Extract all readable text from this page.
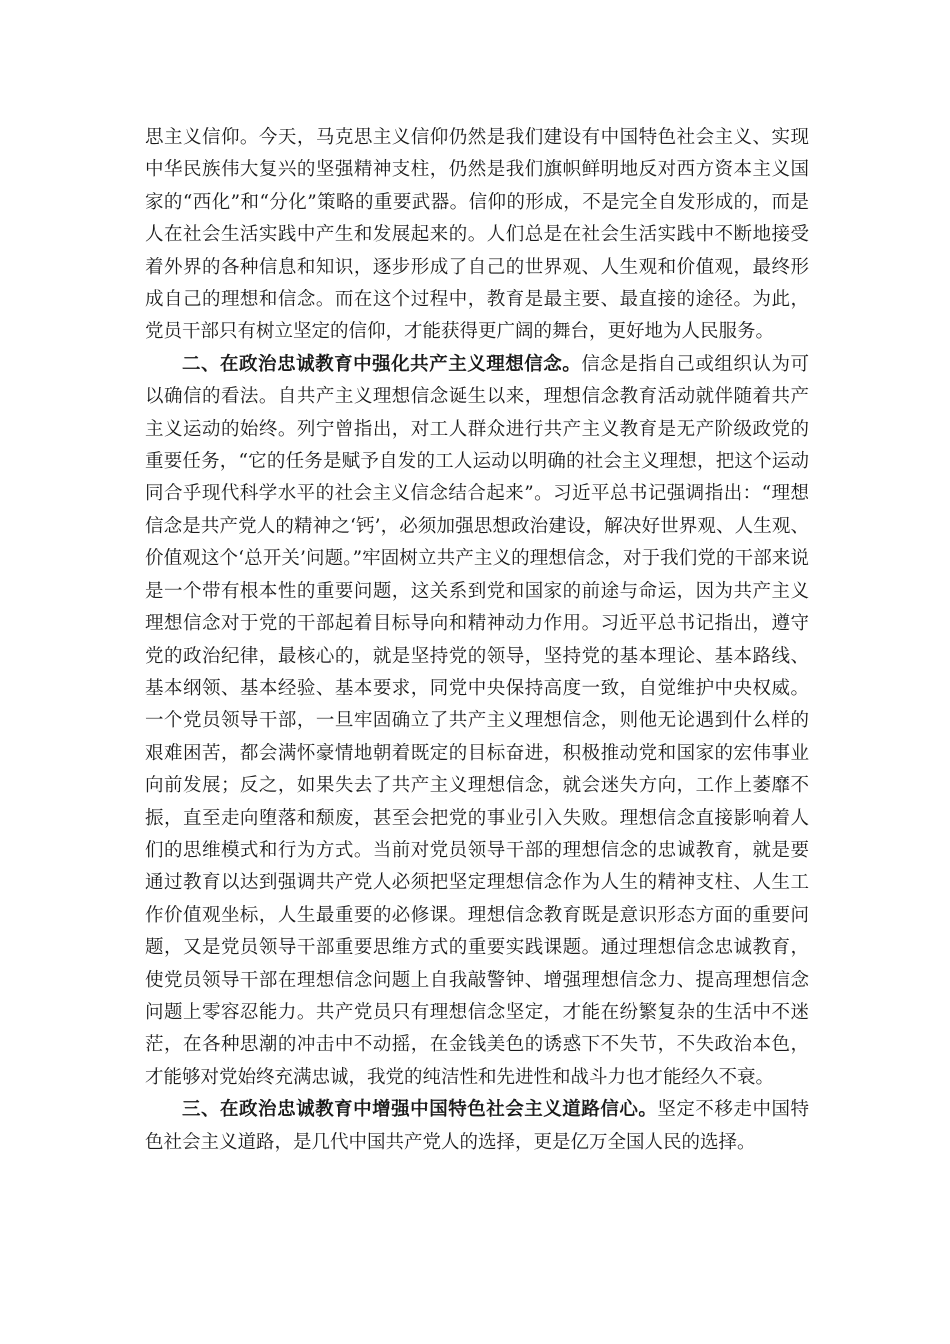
思主义信仰。今天，马克思主义信仰仍然是我们建设有中国特色社会主义、实现中华民族伟大复兴的坚强精神支柱，仍然是我们旗帜鲜明地反对西方资本主义国家的“西化”和“分化”策略的重要武器。信仰的形成，不是完全自发形成的，而是人在社会生活实践中产生和发展起来的。人们总是在社会生活实践中不断地接受着外界的各种信息和知识，逐步形成了自己的世界观、人生观和价值观，最终形成自己的理想和信念。而在这个过程中，教育是最主要、最直接的途径。为此，党员干部只有树立坚定的信仰，才能获得更广阔的舞台，更好地为人民服务。

二、在政治忠诚教育中强化共产主义理想信念。信念是指自己或组织认为可以确信的看法。自共产主义理想信念诞生以来，理想信念教育活动就伴随着共产主义运动的始终。列宁曾指出，对工人群众进行共产主义教育是无产阶级政党的重要任务，“它的任务是赋予自发的工人运动以明确的社会主义理想，把这个运动同合乎现代科学水平的社会主义信念结合起来”。习近平总书记强调指出：“理想信念是共产党人的精神之‘钙’，必须加强思想政治建设，解决好世界观、人生观、价值观这个‘总开关’问题。”牢固树立共产主义的理想信念，对于我们党的干部来说是一个带有根本性的重要问题，这关系到党和国家的前途与命运，因为共产主义理想信念对于党的干部起着目标导向和精神动力作用。习近平总书记指出，遵守党的政治纪律，最核心的，就是坚持党的领导，坚持党的基本理论、基本路线、基本纲领、基本经验、基本要求，同党中央保持高度一致，自觉维护中央权威。一个党员领导干部，一旦牢固确立了共产主义理想信念，则他无论遇到什么样的艰难困苦，都会满怀豪情地朝着既定的目标奋进，积极推动党和国家的宏伟事业向前发展；反之，如果失去了共产主义理想信念，就会迷失方向，工作上萎靡不振，直至走向堕落和颓废，甚至会把党的事业引入失败。理想信念直接影响着人们的思维模式和行为方式。当前对党员领导干部的理想信念的忠诚教育，就是要通过教育以达到强调共产党人必须把坚定理想信念作为人生的精神支柱、人生工作价值观坐标，人生最重要的必修课。理想信念教育既是意识形态方面的重要问题，又是党员领导干部重要思维方式的重要实践课题。通过理想信念忠诚教育，使党员领导干部在理想信念问题上自我敲警钟、增强理想信念力、提高理想信念问题上零容忍能力。共产党员只有理想信念坚定，才能在纷繁复杂的生活中不迷茫，在各种思潮的冲击中不动摇，在金钱美色的诱惑下不失节，不失政治本色，才能够对党始终充满忠诚，我党的纯洁性和先进性和战斗力也才能经久不衰。

三、在政治忠诚教育中增强中国特色社会主义道路信心。坚定不移走中国特色社会主义道路，是几代中国共产党人的选择，更是亿万全国人民的选择。
